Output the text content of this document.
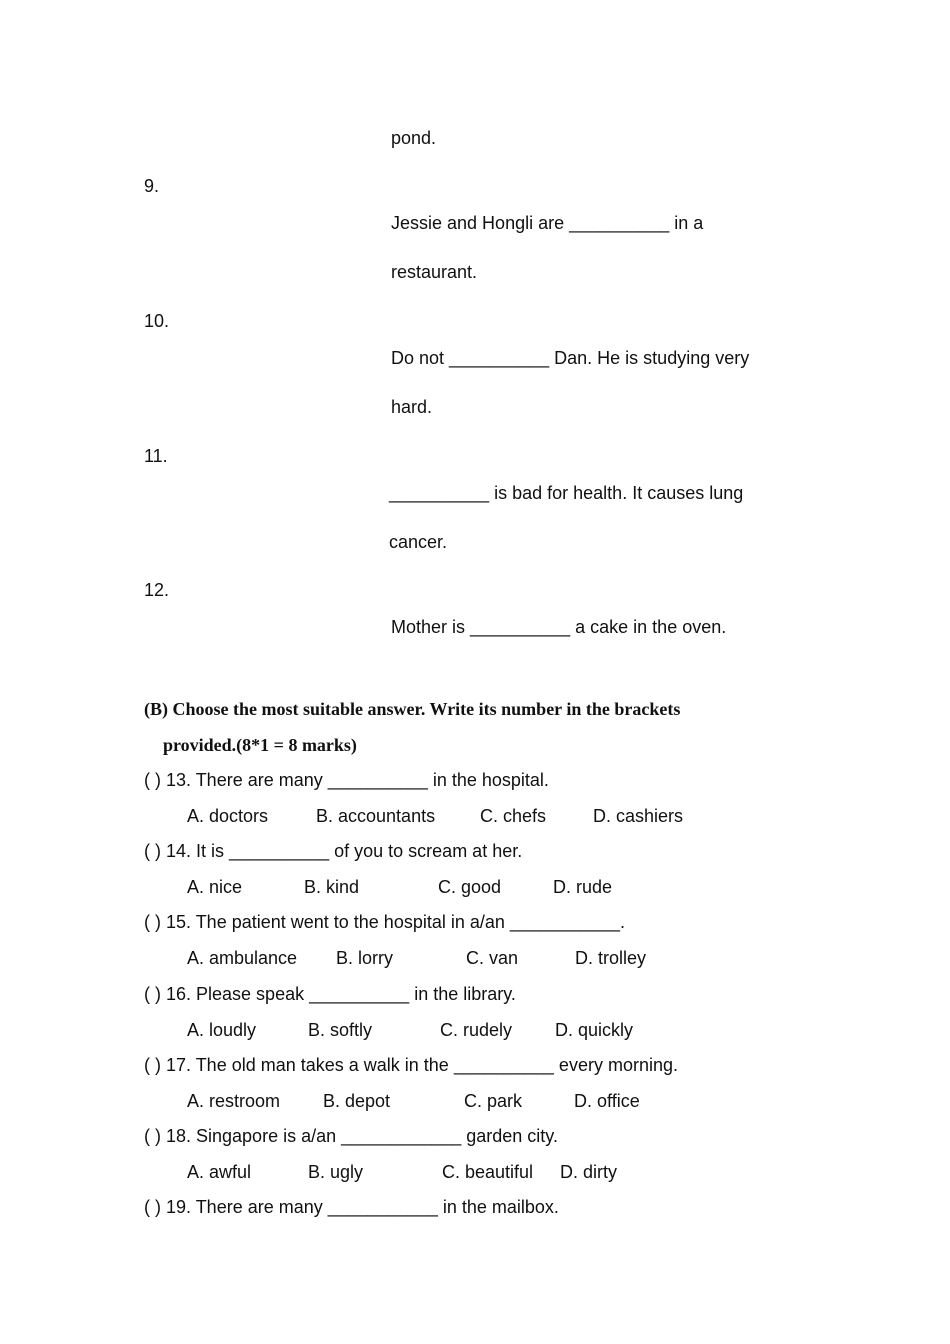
pond.
9.
Jessie and Hongli are __________ in a
restaurant.
10.
Do not __________ Dan. He is studying very
hard.
11.
__________ is bad for health. It causes lung
cancer.
12.
Mother is __________ a cake in the oven.
(B) Choose the most suitable answer. Write its number in the brackets
provided.(8*1 = 8 marks)
( ) 13. There are many __________ in the hospital.
A. doctors	B. accountants C. chefs	D. cashiers
( ) 14. It is __________ of you to scream at her.
A. nice	B. kind	C. good	D. rude
( ) 15. The patient went to the hospital in a/an ___________.
A. ambulance B. lorry	C. van	D. trolley
( ) 16. Please speak __________ in the library.
A. loudly	B. softly	C. rudely D. quickly
( ) 17. The old man takes a walk in the __________ every morning.
A. restroom B. depot	C. park	D. office
( ) 18. Singapore is a/an ____________ garden city.
A. awful	B. ugly	C. beautiful D. dirty
( ) 19. There are many ___________ in the mailbox.
